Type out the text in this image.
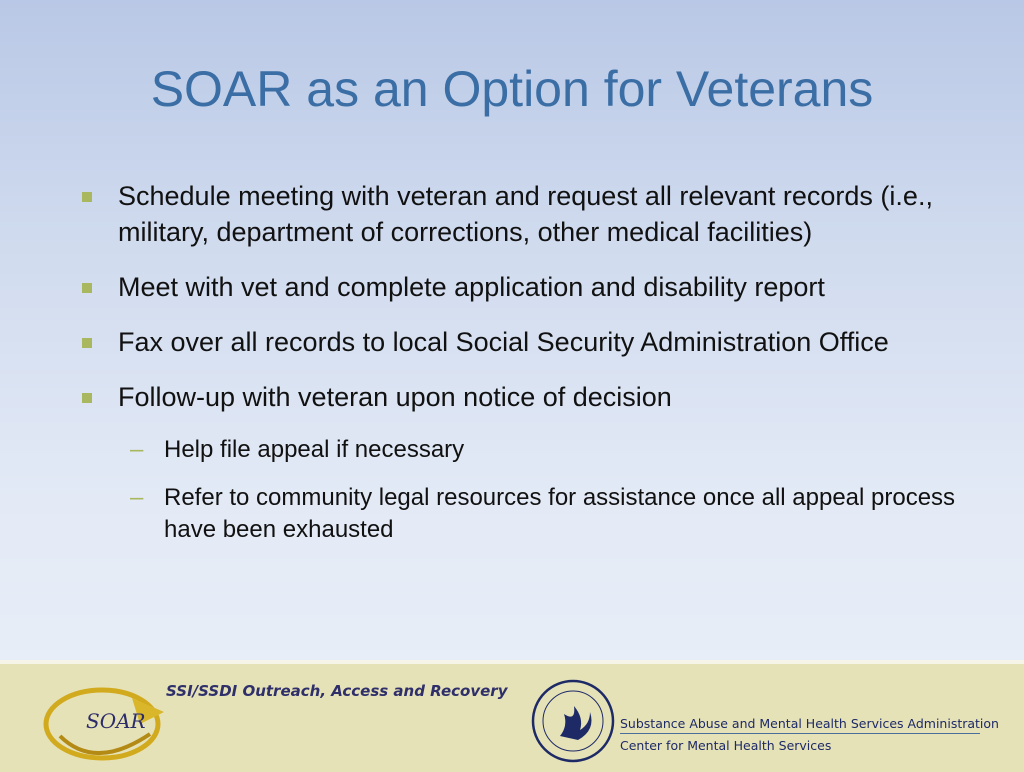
SOAR as an Option for Veterans
Schedule meeting with veteran and request all relevant records (i.e., military, department of corrections, other medical facilities)
Meet with vet and complete application and disability report
Fax over all records to local Social Security Administration Office
Follow-up with veteran upon notice of decision
– Help file appeal if necessary
– Refer to community legal resources for assistance once all appeal process have been exhausted
SOAR
SSI/SSDI Outreach, Access and Recovery
Substance Abuse and Mental Health Services Administration
Center for Mental Health Services
